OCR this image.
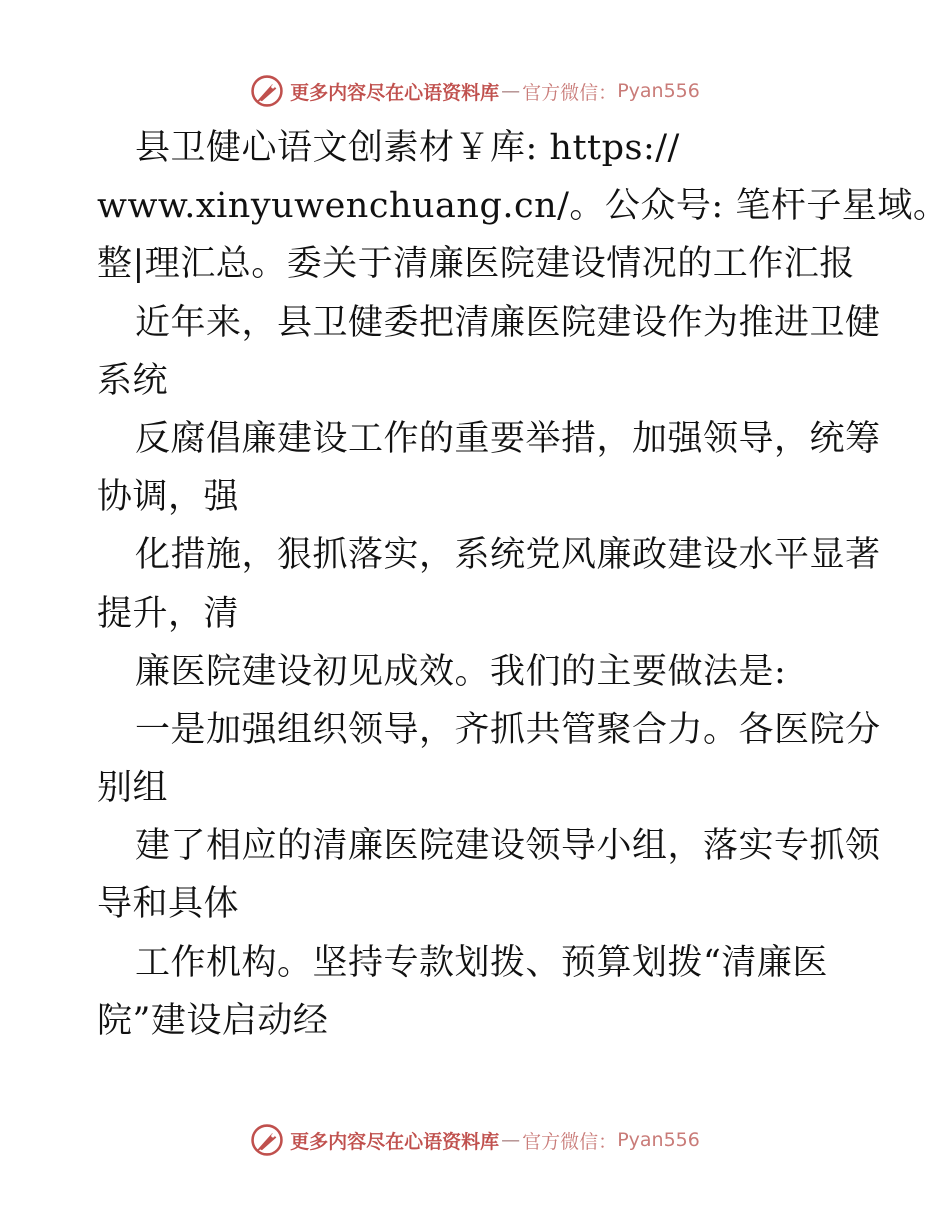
更多内容尽在心语资料库 — 官方微信： Pyan556
县卫健心语文创素材￥库: https://
www.xinyuwenchuang.cn/。公众号: 笔杆子星域。
整|理汇总。委关于清廉医院建设情况的工作汇报
近年来，县卫健委把清廉医院建设作为推进卫健
系统
反腐倡廉建设工作的重要举措，加强领导，统筹
协调，强
化措施，狠抓落实，系统党风廉政建设水平显著
提升，清
廉医院建设初见成效。我们的主要做法是:
一是加强组织领导，齐抓共管聚合力。各医院分
别组
建了相应的清廉医院建设领导小组，落实专抓领
导和具体
工作机构。坚持专款划拨、预算划拨“清廉医
院”建设启动经
更多内容尽在心语资料库 — 官方微信： Pyan556
